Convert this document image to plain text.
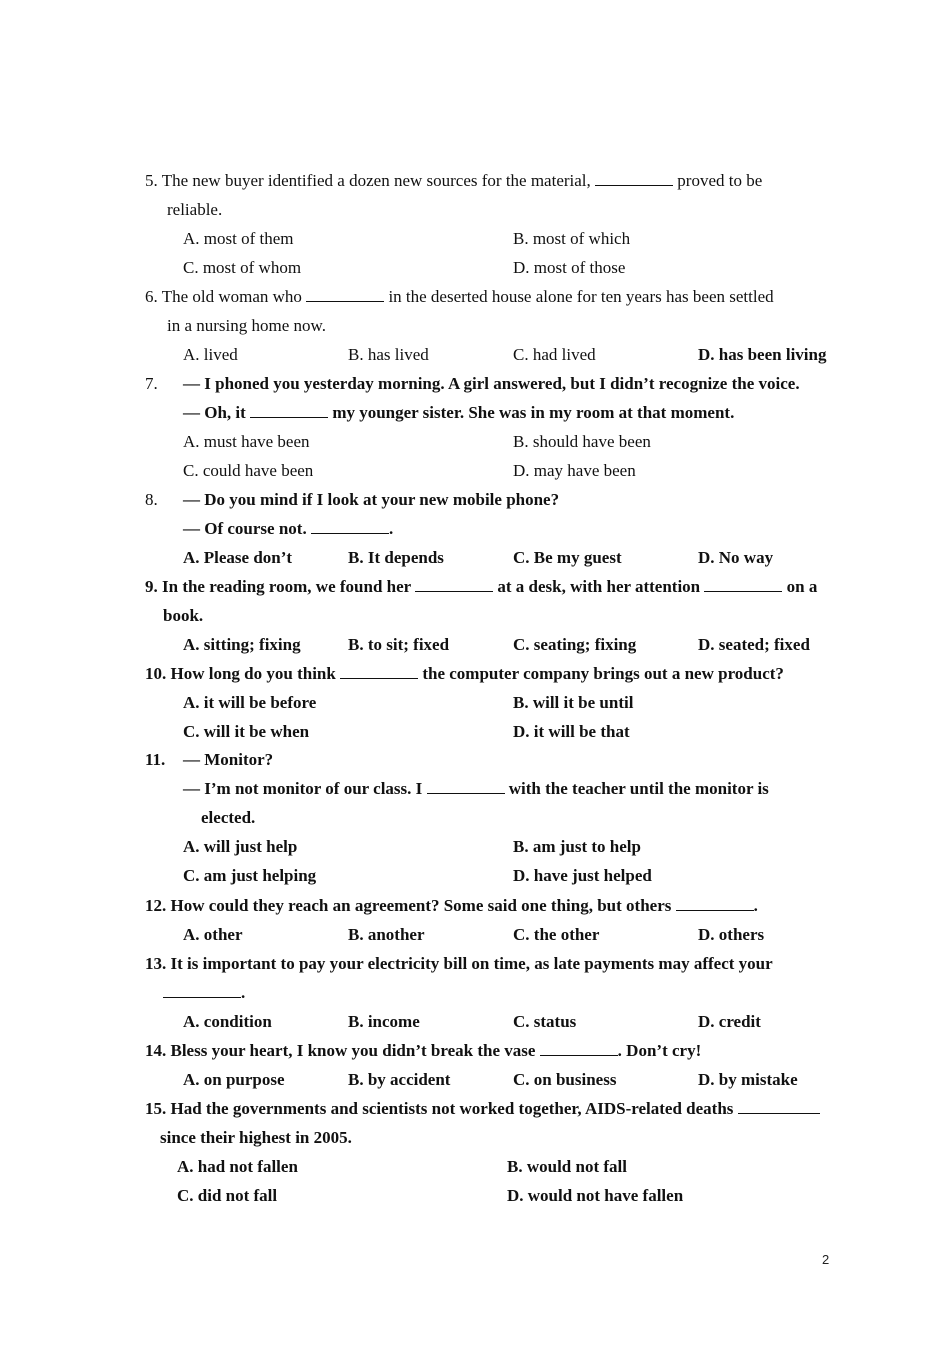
5. The new buyer identified a dozen new sources for the material,	proved to be
reliable.
A. most of them	B. most of which
C. most of whom	D. most of those
6. The old woman who	in the deserted house alone for ten years has been settled
in a nursing home now.
A. lived	B. has lived	C. had lived	D. has been living
7. — I phoned you yesterday morning. A girl answered, but I didn’t recognize the voice.
— Oh, it	my younger sister. She was in my room at that moment.
A. must have been	B. should have been
C. could have been	D. may have been
8. — Do you mind if I look at your new mobile phone?
— Of course not.	.
A. Please don’t	B. It depends	C. Be my guest	D. No way
9. In the reading room, we found her	at a desk, with her attention	on a
book.
A. sitting; fixing	B. to sit; fixed	C. seating; fixing	D. seated; fixed
10. How long do you think	the computer company brings out a new product?
A. it will be before	B. will it be until
C. will it be when	D. it will be that
11. — Monitor?
— I’m not monitor of our class. I	with the teacher until the monitor is
elected.
A. will just help	B. am just to help
C. am just helping	D. have just helped
12. How could they reach an agreement? Some said one thing, but others	.
A. other	B. another	C. the other	D. others
13. It is important to pay your electricity bill on time, as late payments may affect your
.
A. condition	B. income	C. status	D. credit
14. Bless your heart, I know you didn’t break the vase	. Don’t cry!
A. on purpose	B. by accident	C. on business	D. by mistake
15. Had the governments and scientists not worked together, AIDS-related deaths
since their highest in 2005.
A. had not fallen	B. would not fall
C. did not fall	D. would not have fallen
2
